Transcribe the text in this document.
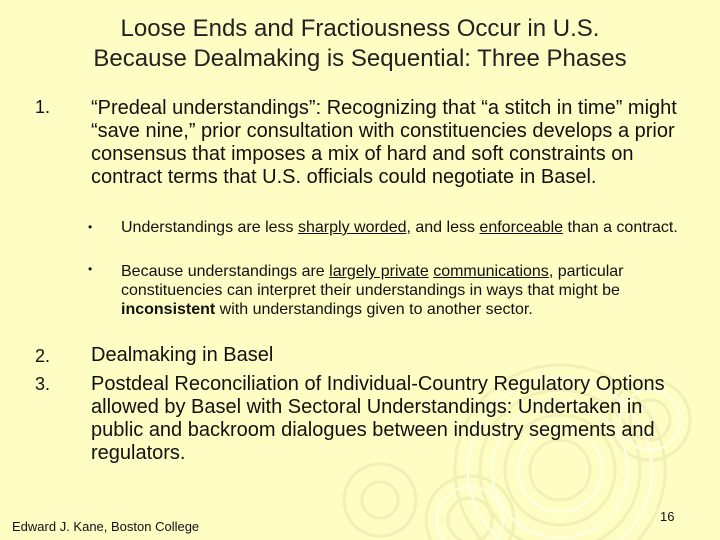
Loose Ends and Fractiousness Occur in U.S.
Because Dealmaking is Sequential: Three Phases
1. “Predeal understandings”: Recognizing that “a stitch in time” might “save nine,” prior consultation with constituencies develops a prior consensus that imposes a mix of hard and soft constraints on contract terms that U.S. officials could negotiate in Basel.
• Understandings are less sharply worded, and less enforceable than a contract.
• Because understandings are largely private communications, particular constituencies can interpret their understandings in ways that might be inconsistent with understandings given to another sector.
2. Dealmaking in Basel
3. Postdeal Reconciliation of Individual-Country Regulatory Options allowed by Basel with Sectoral Understandings: Undertaken in public and backroom dialogues between industry segments and regulators.
Edward J. Kane, Boston College
16
